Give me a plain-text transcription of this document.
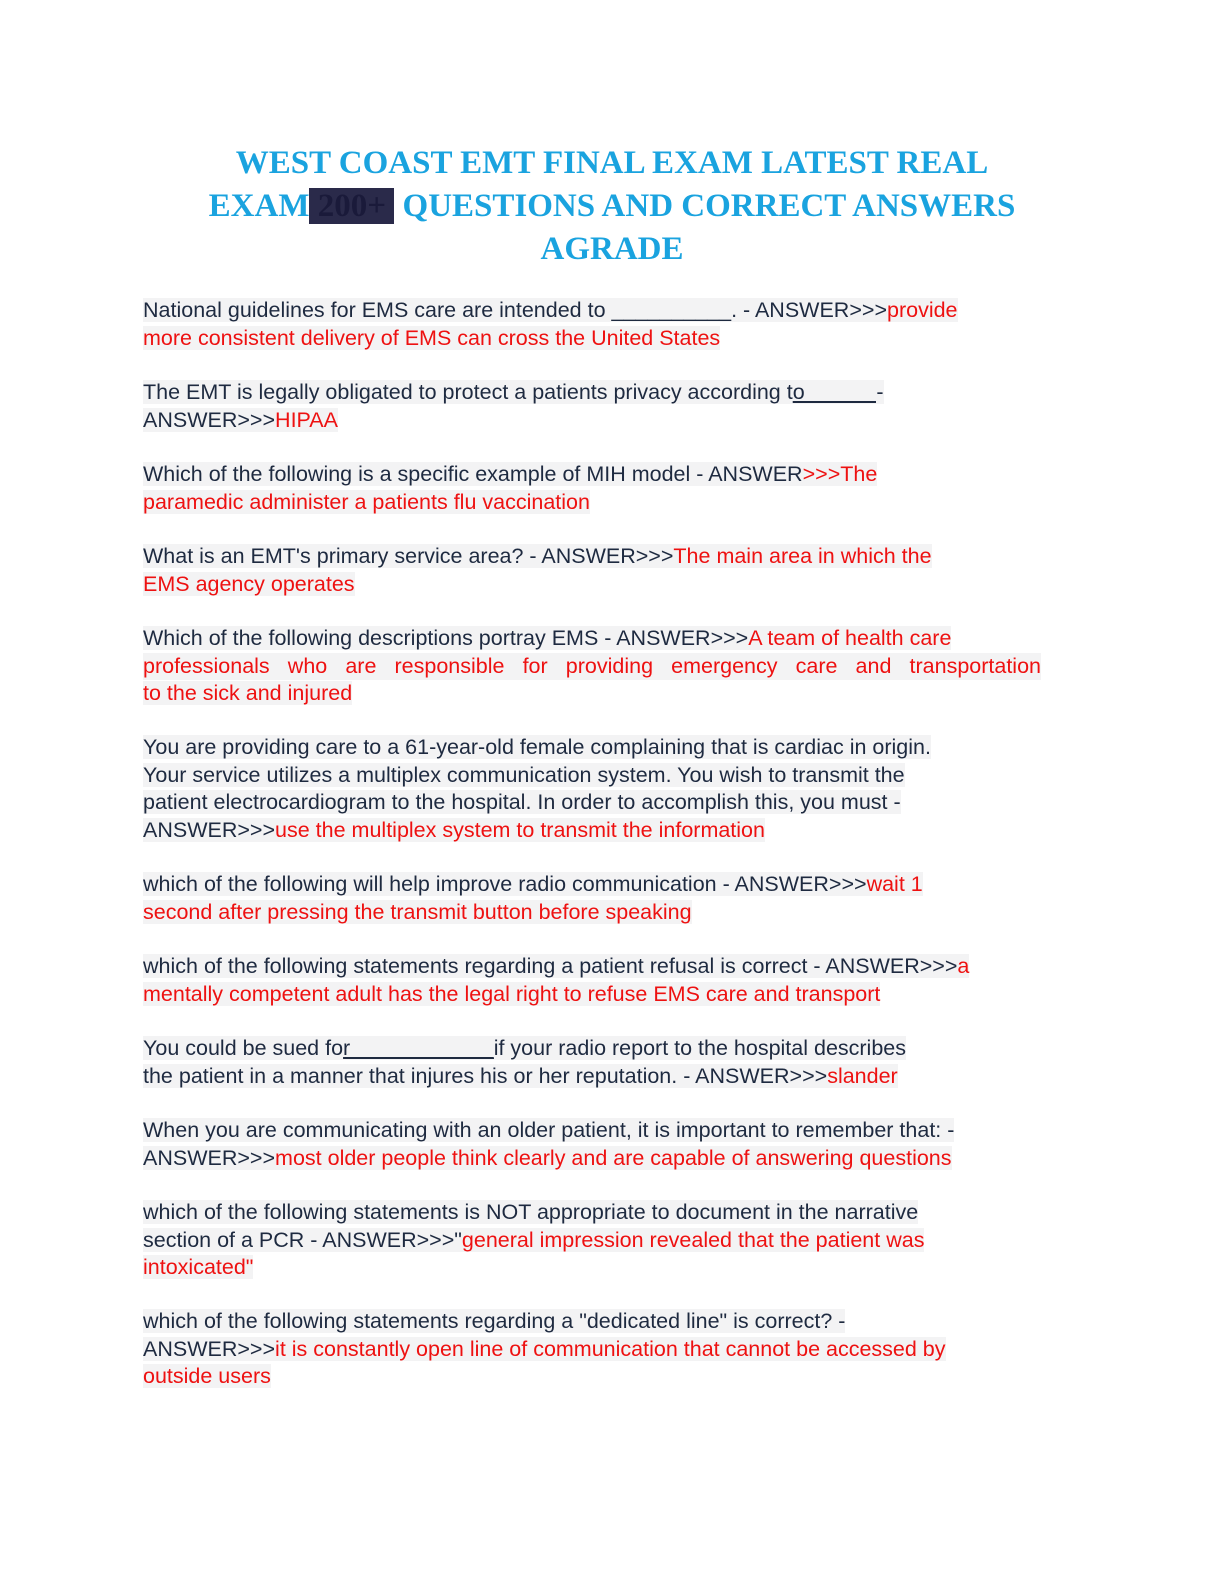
WEST COAST EMT FINAL EXAM LATEST REAL
EXAM 200+ QUESTIONS AND CORRECT ANSWERS
AGRADE
National guidelines for EMS care are intended to __________. - ANSWER>>>provide
more consistent delivery of EMS can cross the United States
The EMT is legally obligated to protect a patients privacy according to______-
ANSWER>>>HIPAA
Which of the following is a specific example of MIH model - ANSWER>>>The
paramedic administer a patients flu vaccination
What is an EMT's primary service area? - ANSWER>>>The main area in which the
EMS agency operates
Which of the following descriptions portray EMS - ANSWER>>>A team of health care
professionals who are responsible for providing emergency care and transportation
to the sick and injured
You are providing care to a 61-year-old female complaining that is cardiac in origin.
Your service utilizes a multiplex communication system. You wish to transmit the
patient electrocardiogram to the hospital. In order to accomplish this, you must -
ANSWER>>>use the multiplex system to transmit the information
which of the following will help improve radio communication - ANSWER>>>wait 1
second after pressing the transmit button before speaking
which of the following statements regarding a patient refusal is correct - ANSWER>>>a
mentally competent adult has the legal right to refuse EMS care and transport
You could be sued for____________if your radio report to the hospital describes
the patient in a manner that injures his or her reputation. - ANSWER>>>slander
When you are communicating with an older patient, it is important to remember that: -
ANSWER>>>most older people think clearly and are capable of answering questions
which of the following statements is NOT appropriate to document in the narrative
section of a PCR - ANSWER>>>"general impression revealed that the patient was
intoxicated"
which of the following statements regarding a "dedicated line" is correct? -
ANSWER>>>it is constantly open line of communication that cannot be accessed by
outside users
